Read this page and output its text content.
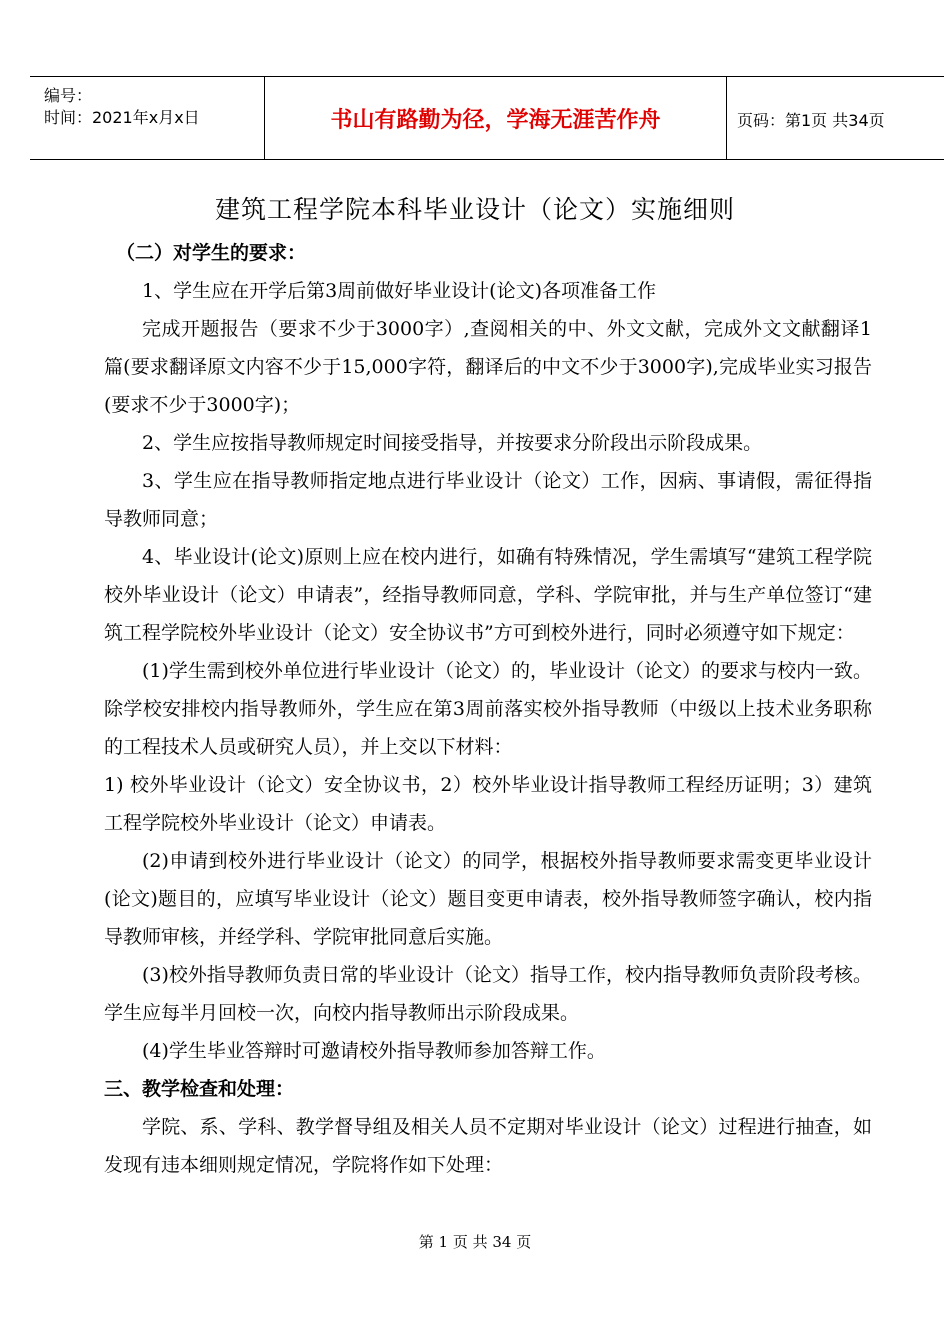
编号：
时间：2021年x月x日	书山有路勤为径，学海无涯苦作舟	页码：第1页 共34页
建筑工程学院本科毕业设计（论文）实施细则

（二）对学生的要求：

1、学生应在开学后第3周前做好毕业设计(论文)各项准备工作

完成开题报告（要求不少于3000字）,查阅相关的中、外文文献，完成外文文献翻译1篇(要求翻译原文内容不少于15,000字符，翻译后的中文不少于3000字),完成毕业实习报告(要求不少于3000字)；

2、学生应按指导教师规定时间接受指导，并按要求分阶段出示阶段成果。

3、学生应在指导教师指定地点进行毕业设计（论文）工作，因病、事请假，需征得指导教师同意；

4、毕业设计(论文)原则上应在校内进行，如确有特殊情况，学生需填写“建筑工程学院校外毕业设计（论文）申请表”，经指导教师同意，学科、学院审批，并与生产单位签订“建筑工程学院校外毕业设计（论文）安全协议书”方可到校外进行，同时必须遵守如下规定：

(1)学生需到校外单位进行毕业设计（论文）的，毕业设计（论文）的要求与校内一致。除学校安排校内指导教师外，学生应在第3周前落实校外指导教师（中级以上技术业务职称的工程技术人员或研究人员），并上交以下材料：

1) 校外毕业设计（论文）安全协议书，2）校外毕业设计指导教师工程经历证明；3）建筑工程学院校外毕业设计（论文）申请表。

(2)申请到校外进行毕业设计（论文）的同学，根据校外指导教师要求需变更毕业设计(论文)题目的，应填写毕业设计（论文）题目变更申请表，校外指导教师签字确认，校内指导教师审核，并经学科、学院审批同意后实施。

(3)校外指导教师负责日常的毕业设计（论文）指导工作，校内指导教师负责阶段考核。学生应每半月回校一次，向校内指导教师出示阶段成果。

(4)学生毕业答辩时可邀请校外指导教师参加答辩工作。

三、教学检查和处理：

学院、系、学科、教学督导组及相关人员不定期对毕业设计（论文）过程进行抽查，如发现有违本细则规定情况，学院将作如下处理：

第 1 页 共 34 页
